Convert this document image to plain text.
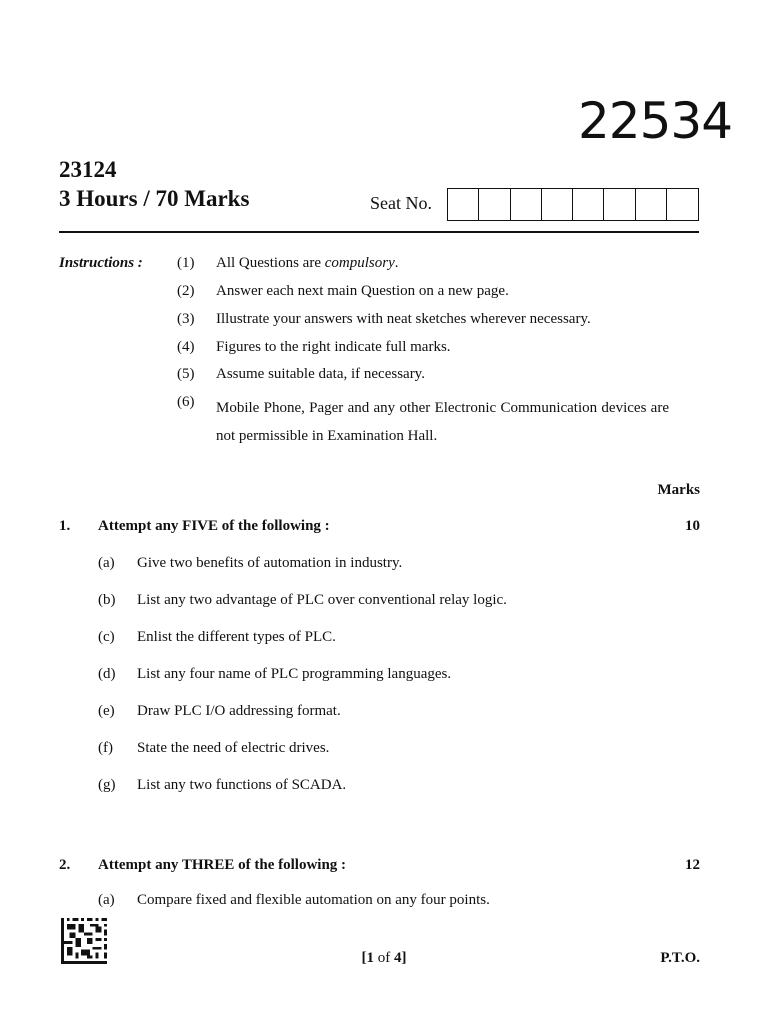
22534
23124
3 Hours / 70 Marks	Seat No.
Instructions : (1) All Questions are compulsory.
(2) Answer each next main Question on a new page.
(3) Illustrate your answers with neat sketches wherever necessary.
(4) Figures to the right indicate full marks.
(5) Assume suitable data, if necessary.
(6) Mobile Phone, Pager and any other Electronic Communication devices are not permissible in Examination Hall.
Marks
1. Attempt any FIVE of the following :	10
(a) Give two benefits of automation in industry.
(b) List any two advantage of PLC over conventional relay logic.
(c) Enlist the different types of PLC.
(d) List any four name of PLC programming languages.
(e) Draw PLC I/O addressing format.
(f) State the need of electric drives.
(g) List any two functions of SCADA.
2. Attempt any THREE of the following :	12
(a) Compare fixed and flexible automation on any four points.
[1 of 4]	P.T.O.
